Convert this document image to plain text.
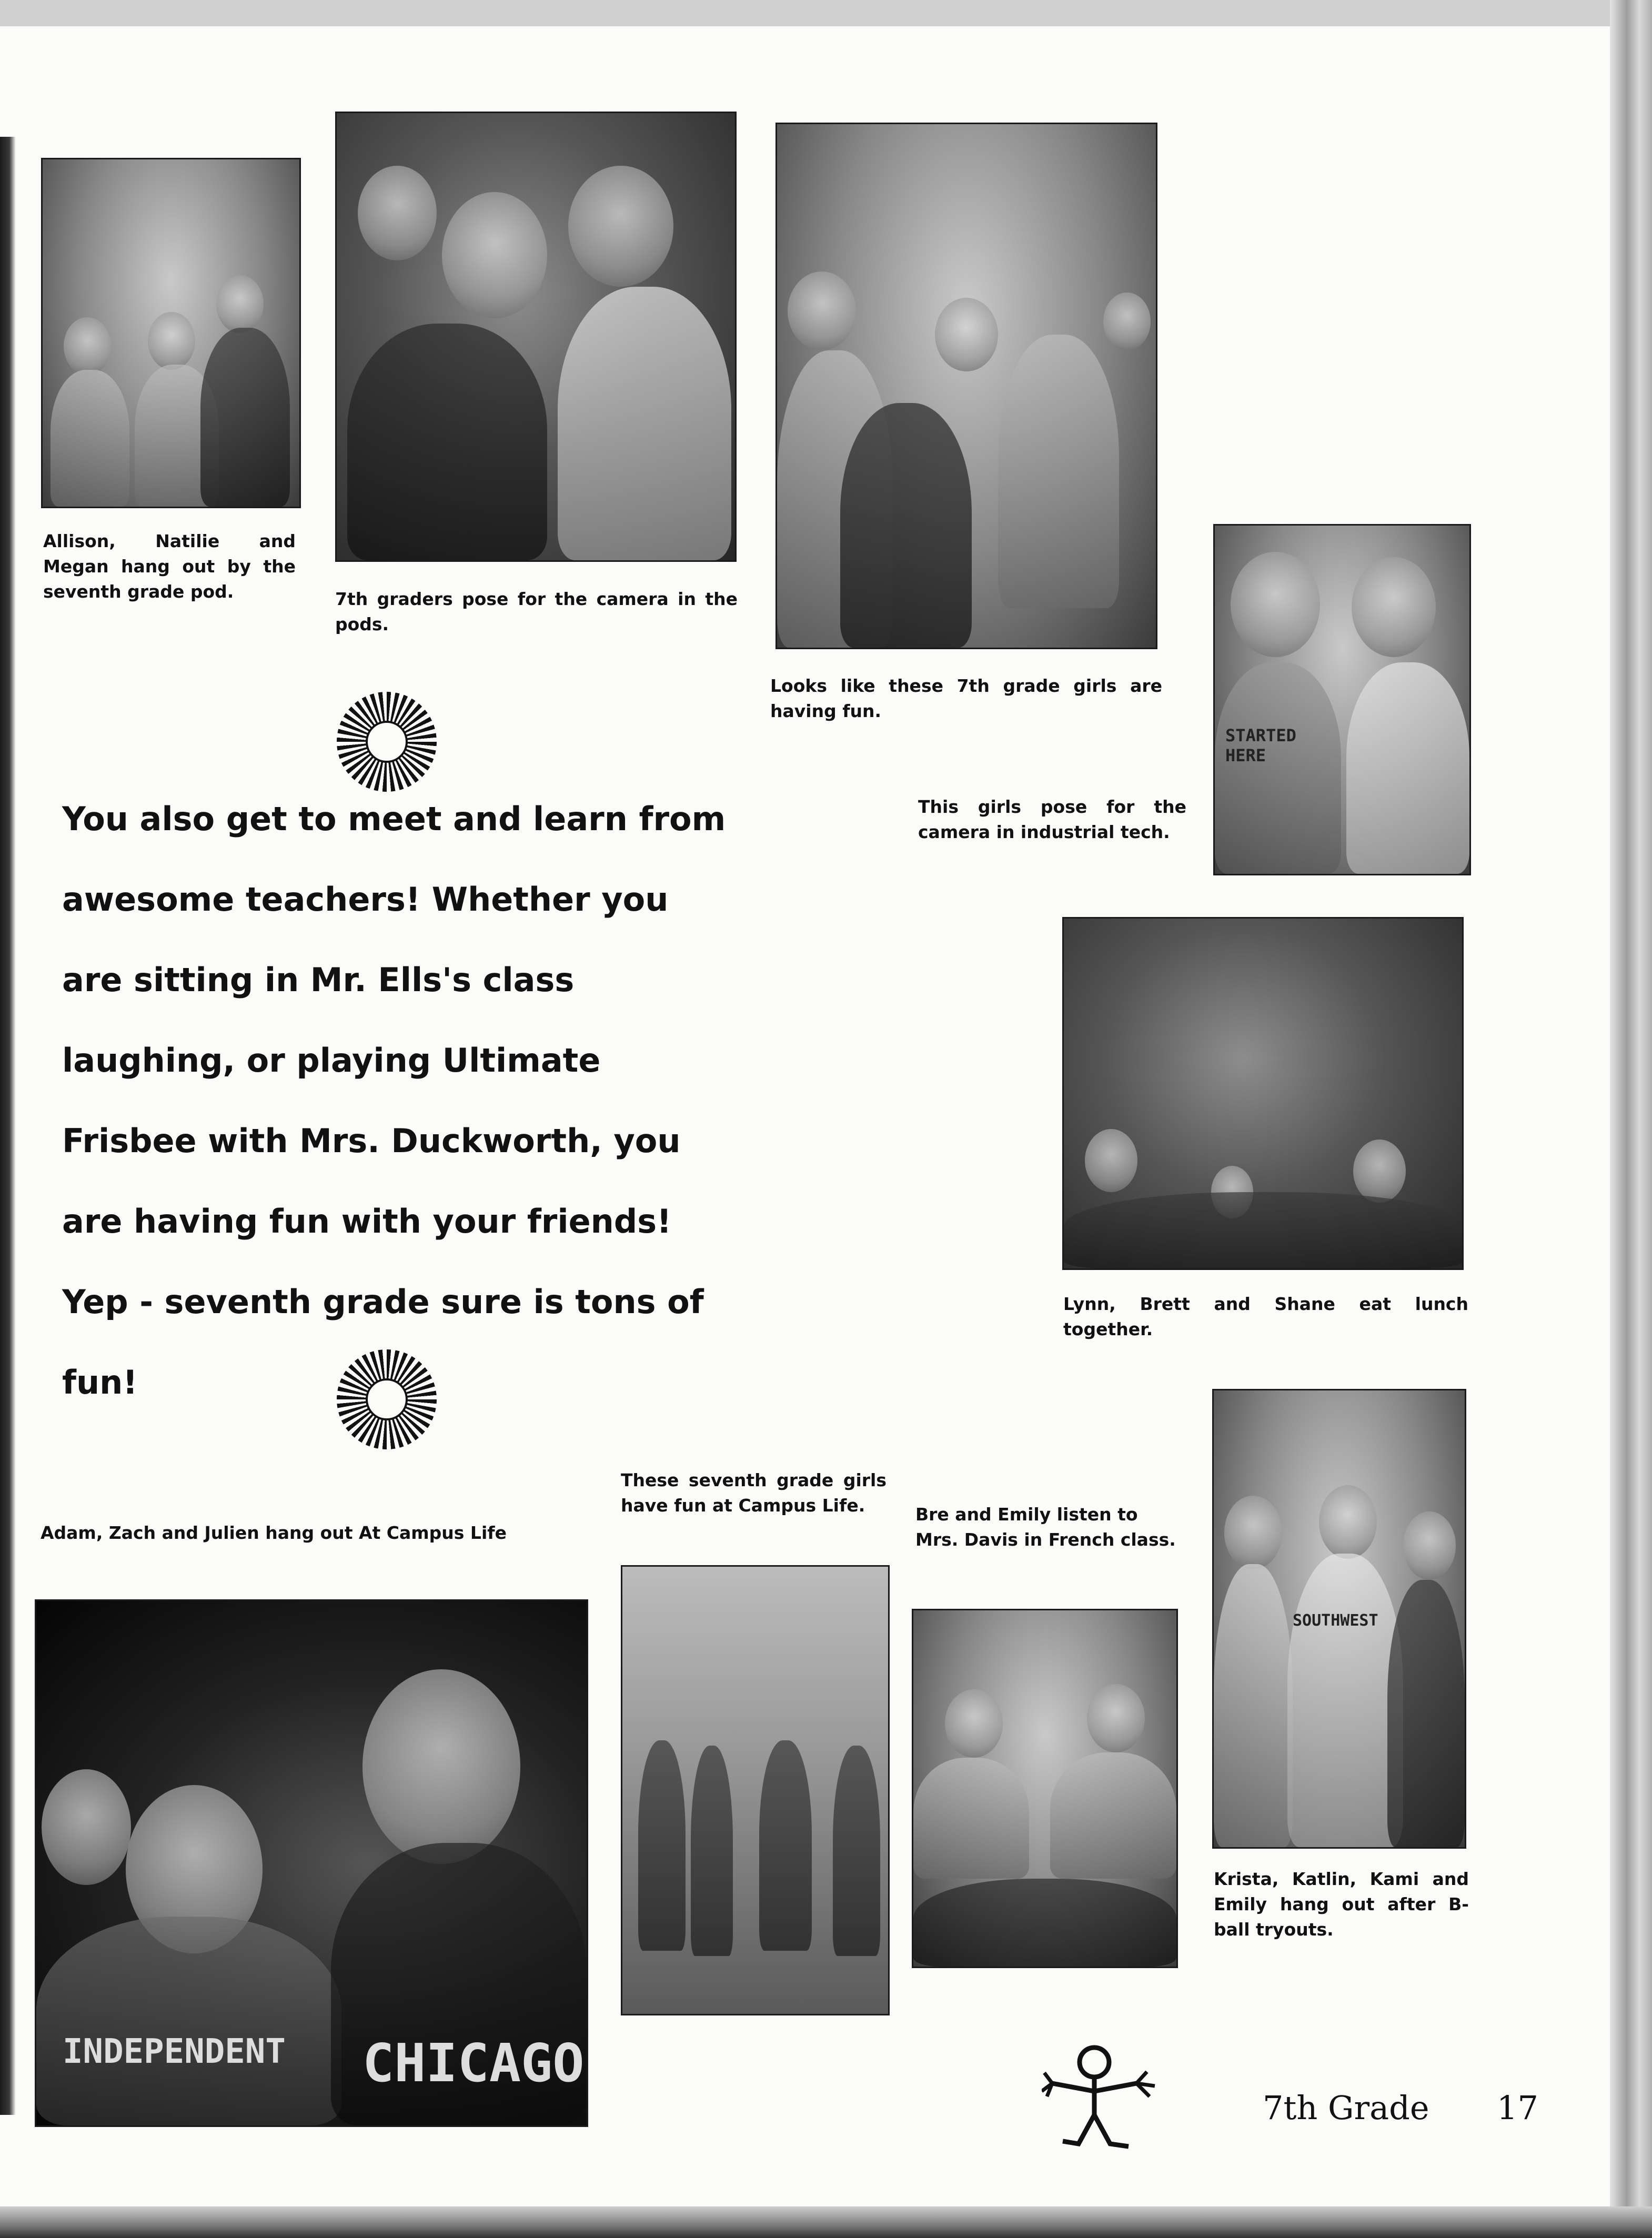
Allison, Natilie and Megan hang out by the seventh grade pod.	7th graders pose for the camera in the pods.
Looks like these 7th grade girls are having fun.
STARTED HERE
This girls pose for the camera in industrial tech.
You also get to meet and learn from awesome teachers! Whether you are sitting in Mr. Ells's class laughing, or playing Ultimate Frisbee with Mrs. Duckworth, you are having fun with your friends! Yep - seventh grade sure is tons of fun!
Lynn, Brett and Shane eat lunch together.
Adam, Zach and Julien hang out At Campus Life
INDEPENDENT	CHICAGO
These seventh grade girls have fun at Campus Life.	Bre and Emily listen to Mrs. Davis in French class.
SOUTHWEST
Krista, Katlin, Kami and Emily hang out after B-ball tryouts.
7th Grade 17
